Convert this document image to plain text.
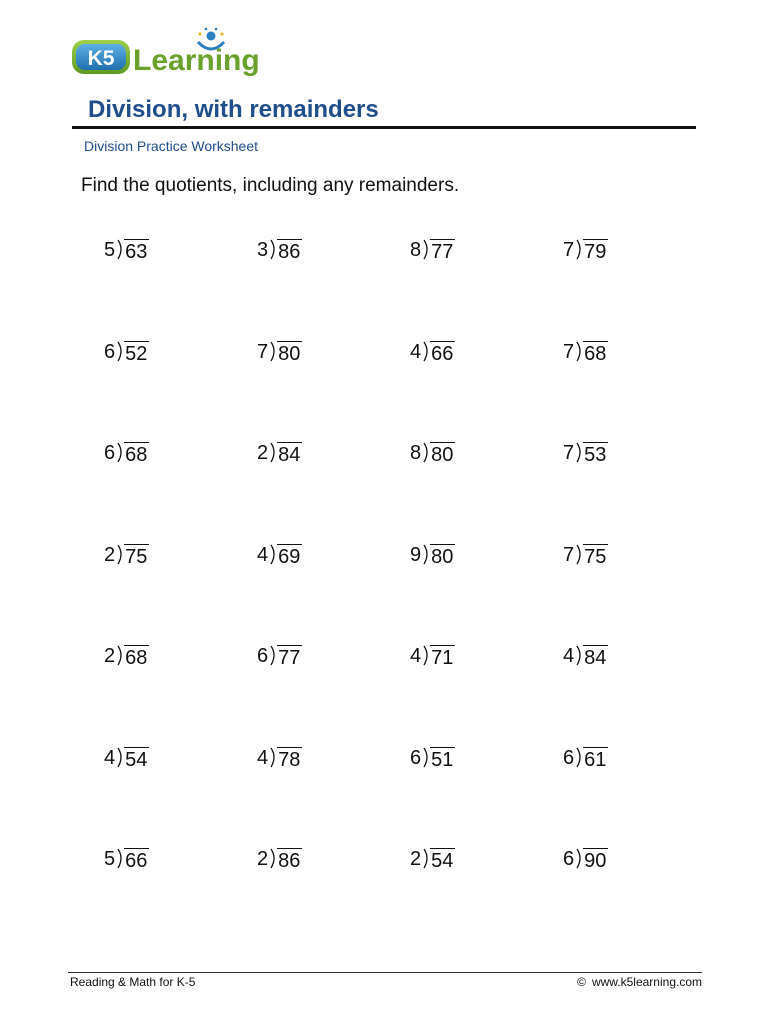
K5 Learning
Division, with remainders
Division Practice Worksheet
Find the quotients, including any remainders.
5 63	3 86	8 77	7 79
6 52	7 80	4 66	7 68
6 68	2 84	8 80	7 53
2 75	4 69	9 80	7 75
2 68	6 77	4 71	4 84
4 54	4 78	6 51	6 61
5 66	2 86	2 54	6 90
Reading & Math for K-5	© www.k5learning.com
